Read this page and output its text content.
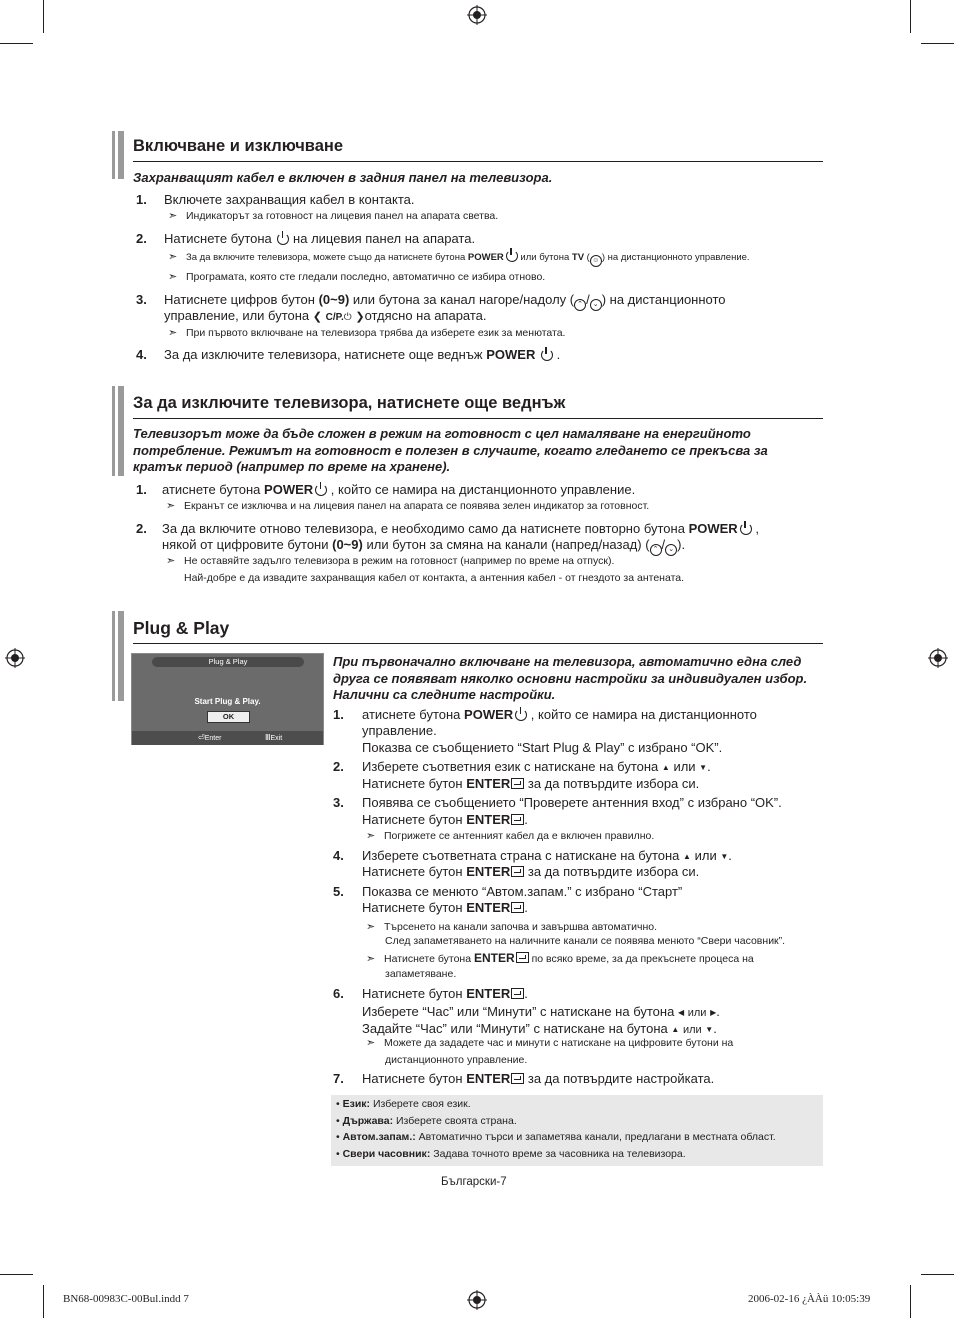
Включване и изключване
Захранващият кабел е включен в задния панел на телевизора.
1. Включете захранващия кабел в контакта.
➣ Индикаторът за готовност на лицевия панел на апарата светва.
2. Натиснете бутона на лицевия панел на апарата.
➣ За да включите телевизора, можете също да натиснете бутона POWER или бутона TV ( ☺ ) на дистанционното управление.
➣ Програмата, която сте гледали последно, автоматично се избира отново.
3. Натиснете цифров бутон (0~9) или бутона за канал нагоре/надолу ( ⌃ / ⌄ ) на дистанционното
управление, или бутона ❮ C/P.⏻ ❯отдясно на апарата.
➣ При първото включване на телевизора трябва да изберете език за менютата.
4. За да изключите телевизора, натиснете още веднъж POWER .
За да изключите телевизора, натиснете още веднъж
Телевизорът може да бъде сложен в режим на готовност с цел намаляване на енергийното
потребление. Режимът на готовност е полезен в случаите, когато гледането се прекъсва за
кратък период (например по време на хранене).
1. атиснете бутона POWER , който се намира на дистанционното управление.
➣ Екранът се изключва и на лицевия панел на апарата се появява зелен индикатор за готовност.
2. За да включите отново телевизора, е необходимо само да натиснете повторно бутона POWER ,
някой от цифровите бутони (0~9) или бутон за смяна на канали (напред/назад) ( ⌃ / ⌄ ).
➣ Не оставяйте задълго телевизора в режим на готовност (например по време на отпуск).
Най-добре е да извадите захранващия кабел от контакта, а антенния кабел - от гнездото за антената.
Plug & Play
Plug & Play
Start Plug & Play.
OK
⏎Enter	ⅢExit
При първоначално включване на телевизора, автоматично една след
друга се появяват няколко основни настройки за индивидуален избор.
Налични са следните настройки.
1. атиснете бутона POWER , който се намира на дистанционното
управление.
Показва се съобщението “Start Plug & Play” с избрано “OK”.
2. Изберете съответния език с натискане на бутона ▲ или ▼.
Натиснете бутон ENTER за да потвърдите избора си.
3. Появява се съобщението “Проверете антенния вход” с избрано “OK”.
Натиснете бутон ENTER .
➣ Погрижете се антенният кабел да е включен правилно.
4. Изберете съответната страна с натискане на бутона ▲ или ▼.
Натиснете бутон ENTER за да потвърдите избора си.
5. Показва се менюто “Автом.запам.” с избрано “Старт”
Натиснете бутон ENTER .
➣ Търсенето на канали започва и завършва автоматично.
След запаметяването на наличните канали се появява менюто “Свери часовник”.
➣ Натиснете бутона ENTER по всяко време, за да прекъснете процеса на
запаметяване.
6. Натиснете бутон ENTER .
Изберете “Час” или “Минути” с натискане на бутона ◀ или ▶.
Задайте “Час” или “Минути” с натискане на бутона ▲ или ▼.
➣ Можете да зададете час и минути с натискане на цифровите бутони на
дистанционното управление.
7. Натиснете бутон ENTER за да потвърдите настройката.
• Език: Изберете своя език.
• Държава: Изберете своята страна.
• Автом.запам.: Автоматично търси и запаметява канали, предлагани в местната област.
• Свери часовник: Задава точното време за часовника на телевизора.
Български-7
BN68-00983C-00Bul.indd 7	2006-02-16 ¿ÀÀü 10:05:39
